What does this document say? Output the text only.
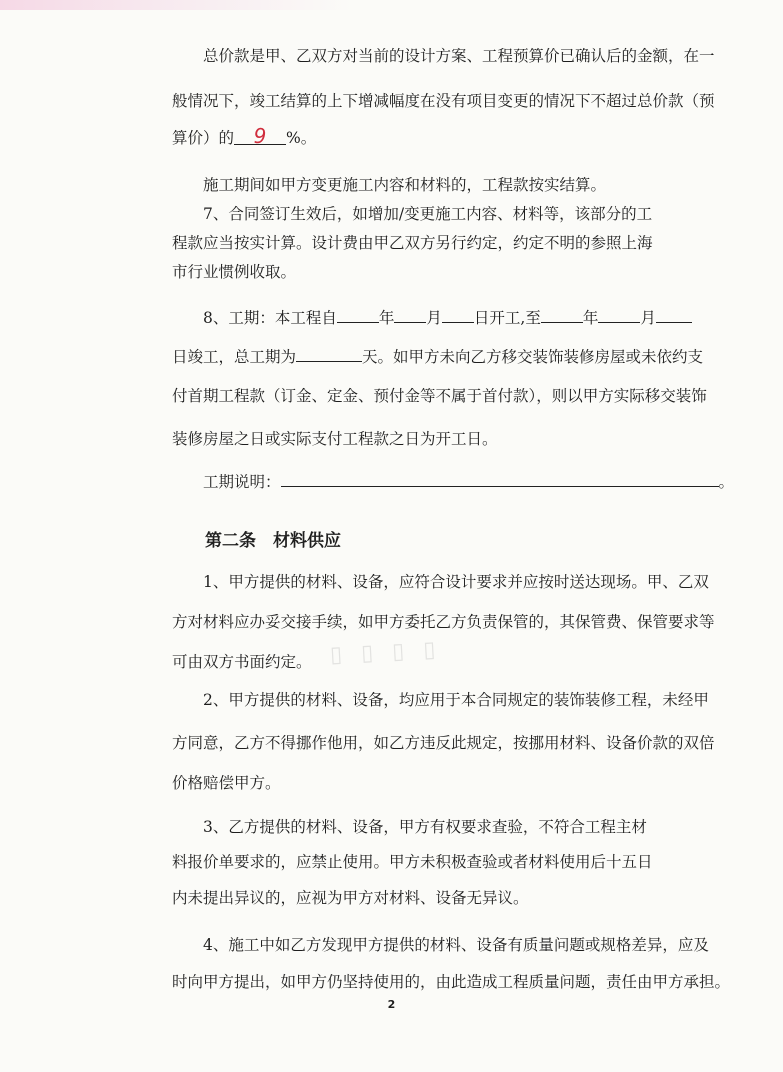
总价款是甲、乙双方对当前的设计方案、工程预算价已确认后的金额，在一
般情况下，竣工结算的上下增减幅度在没有项目变更的情况下不超过总价款（预
算价）的 9 %。
施工期间如甲方变更施工内容和材料的，工程款按实结算。
7、合同签订生效后，如增加/变更施工内容、材料等，该部分的工
程款应当按实计算。设计费由甲乙双方另行约定，约定不明的参照上海
市行业惯例收取。
8、工期：本工程自	年 月 日开工,至	年	月
日竣工，总工期为	天。如甲方未向乙方移交装饰装修房屋或未依约支
付首期工程款（订金、定金、预付金等不属于首付款），则以甲方实际移交装饰
装修房屋之日或实际支付工程款之日为开工日。
工期说明：	。
第二条　材料供应
1、甲方提供的材料、设备，应符合设计要求并应按时送达现场。甲、乙双
方对材料应办妥交接手续，如甲方委托乙方负责保管的，其保管费、保管要求等
可由双方书面约定。 ▯ ▯ ▯ ▯
2、甲方提供的材料、设备，均应用于本合同规定的装饰装修工程，未经甲
方同意，乙方不得挪作他用，如乙方违反此规定，按挪用材料、设备价款的双倍
价格赔偿甲方。
3、乙方提供的材料、设备，甲方有权要求查验，不符合工程主材
料报价单要求的，应禁止使用。甲方未积极查验或者材料使用后十五日
内未提出异议的，应视为甲方对材料、设备无异议。
4、施工中如乙方发现甲方提供的材料、设备有质量问题或规格差异，应及
时向甲方提出，如甲方仍坚持使用的，由此造成工程质量问题，责任由甲方承担。
2
